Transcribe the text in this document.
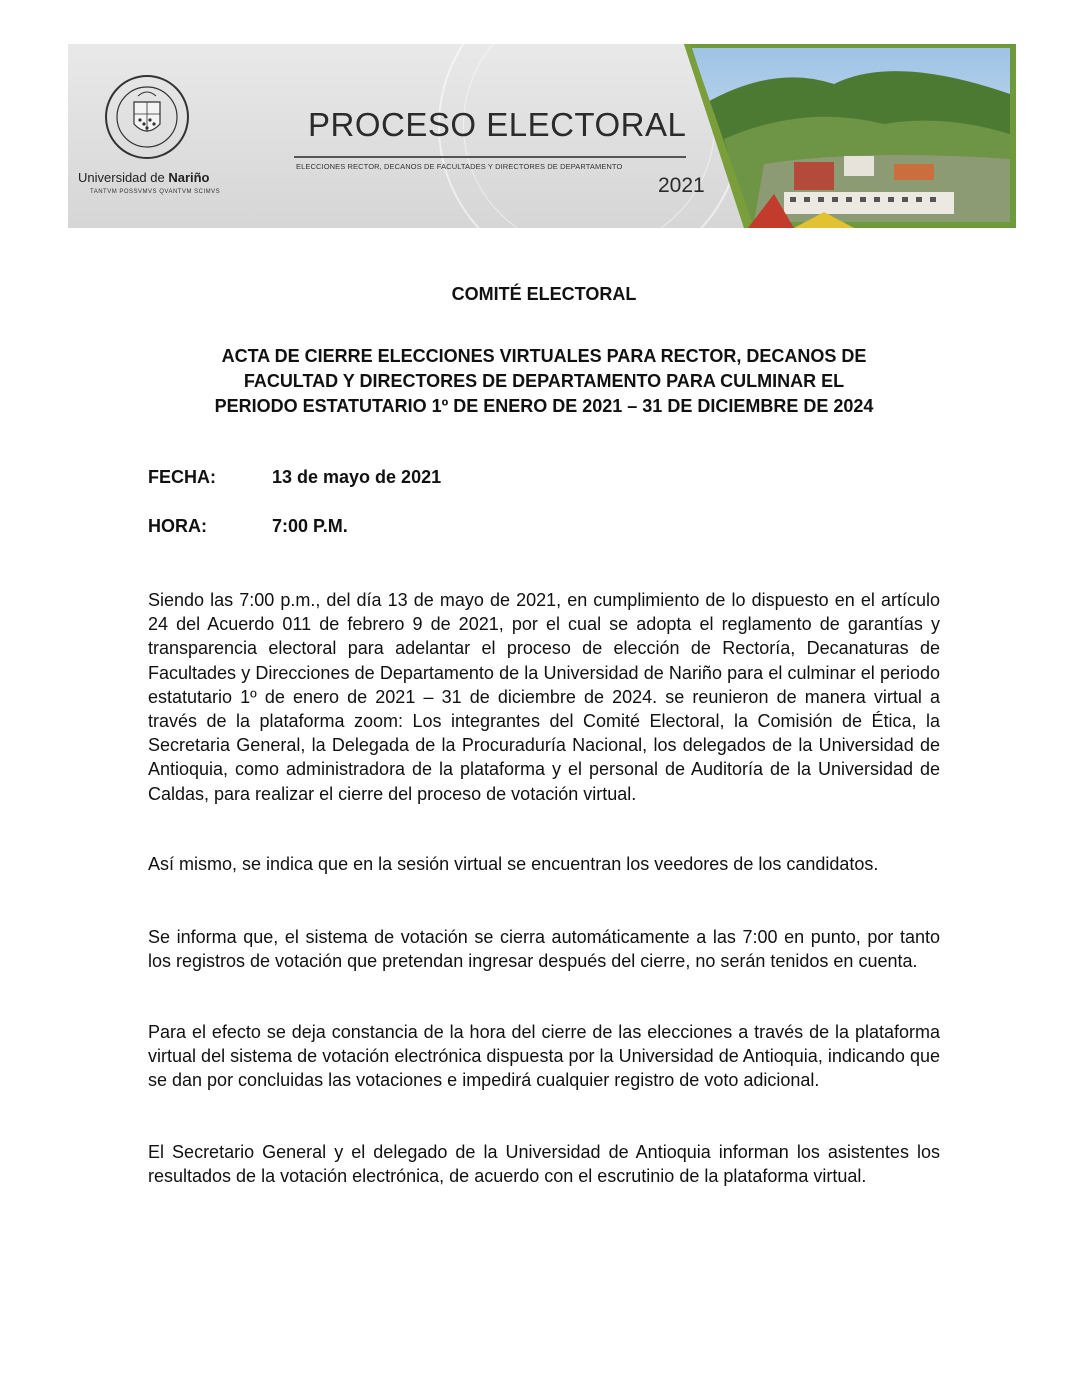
Universidad de Nariño
TANTVM POSSVMVS QVANTVM SCIMVS
PROCESO ELECTORAL
ELECCIONES RECTOR, DECANOS DE FACULTADES Y DIRECTORES DE DEPARTAMENTO
2021
COMITÉ ELECTORAL
ACTA DE CIERRE ELECCIONES VIRTUALES PARA RECTOR, DECANOS DE
FACULTAD Y DIRECTORES DE DEPARTAMENTO PARA CULMINAR EL
PERIODO ESTATUTARIO 1º DE ENERO DE 2021 – 31 DE DICIEMBRE DE 2024
FECHA:	13 de mayo de 2021
HORA:	7:00 P.M.
Siendo las 7:00 p.m., del día 13 de mayo de 2021, en cumplimiento de lo dispuesto en el artículo 24 del Acuerdo 011 de febrero 9 de 2021, por el cual se adopta el reglamento de garantías y transparencia electoral para adelantar el proceso de elección de Rectoría, Decanaturas de Facultades y Direcciones de Departamento de la Universidad de Nariño para el culminar el periodo estatutario 1º de enero de 2021 – 31 de diciembre de 2024. se reunieron de manera virtual a través de la plataforma zoom: Los integrantes del Comité Electoral, la Comisión de Ética, la Secretaria General, la Delegada de la Procuraduría Nacional, los delegados de la Universidad de Antioquia, como administradora de la plataforma y el personal de Auditoría de la Universidad de Caldas, para realizar el cierre del proceso de votación virtual.
Así mismo, se indica que en la sesión virtual se encuentran los veedores de los candidatos.
Se informa que, el sistema de votación se cierra automáticamente a las 7:00 en punto, por tanto los registros de votación que pretendan ingresar después del cierre, no serán tenidos en cuenta.
Para el efecto se deja constancia de la hora del cierre de las elecciones a través de la plataforma virtual del sistema de votación electrónica dispuesta por la Universidad de Antioquia, indicando que se dan por concluidas las votaciones e impedirá cualquier registro de voto adicional.
El Secretario General y el delegado de la Universidad de Antioquia informan los asistentes los resultados de la votación electrónica, de acuerdo con el escrutinio de la plataforma virtual.
